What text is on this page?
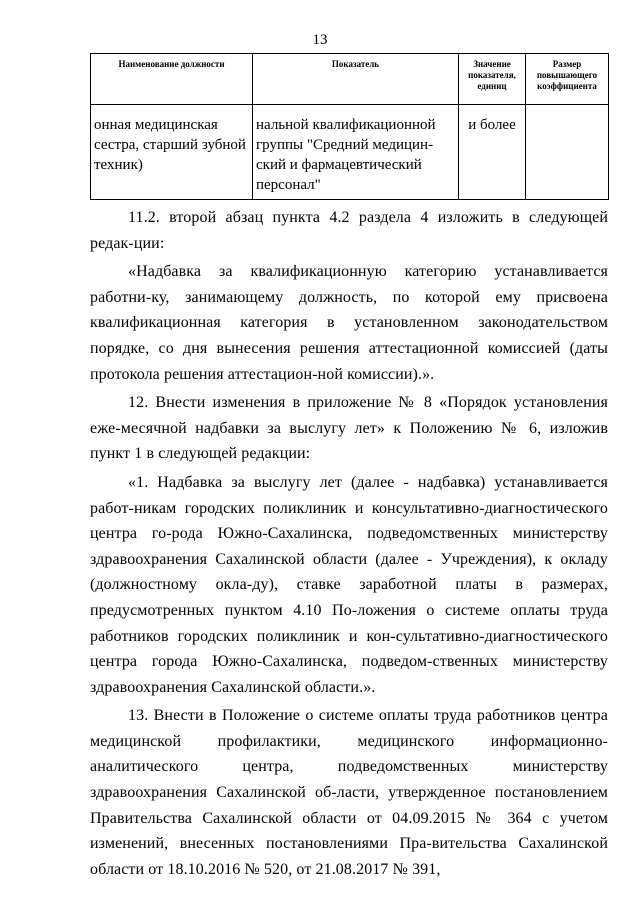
13
Наименование должности	Показатель	Значение показателя, единиц	Размер повышающего коэффициента
онная медицинская сестра, старший зубной техник)	нальной квалификационной группы "Средний медицин-ский и фармацевтический персонал"	и более	

11.2. второй абзац пункта 4.2 раздела 4 изложить в следующей редак-ции:

«Надбавка за квалификационную категорию устанавливается работни-ку, занимающему должность, по которой ему присвоена квалификационная категория в установленном законодательством порядке, со дня вынесения решения аттестационной комиссией (даты протокола решения аттестацион-ной комиссии).».

12. Внести изменения в приложение № 8 «Порядок установления еже-месячной надбавки за выслугу лет» к Положению № 6, изложив пункт 1 в следующей редакции:

«1. Надбавка за выслугу лет (далее - надбавка) устанавливается работ-никам городских поликлиник и консультативно-диагностического центра го-рода Южно-Сахалинска, подведомственных министерству здравоохранения Сахалинской области (далее - Учреждения), к окладу (должностному окла-ду), ставке заработной платы в размерах, предусмотренных пунктом 4.10 По-ложения о системе оплаты труда работников городских поликлиник и кон-сультативно-диагностического центра города Южно-Сахалинска, подведом-ственных министерству здравоохранения Сахалинской области.».

13. Внести в Положение о системе оплаты труда работников центра медицинской профилактики, медицинского информационно-аналитического центра, подведомственных министерству здравоохранения Сахалинской об-ласти, утвержденное постановлением Правительства Сахалинской области от 04.09.2015 № 364 с учетом изменений, внесенных постановлениями Пра-вительства Сахалинской области от 18.10.2016 № 520, от 21.08.2017 № 391,
